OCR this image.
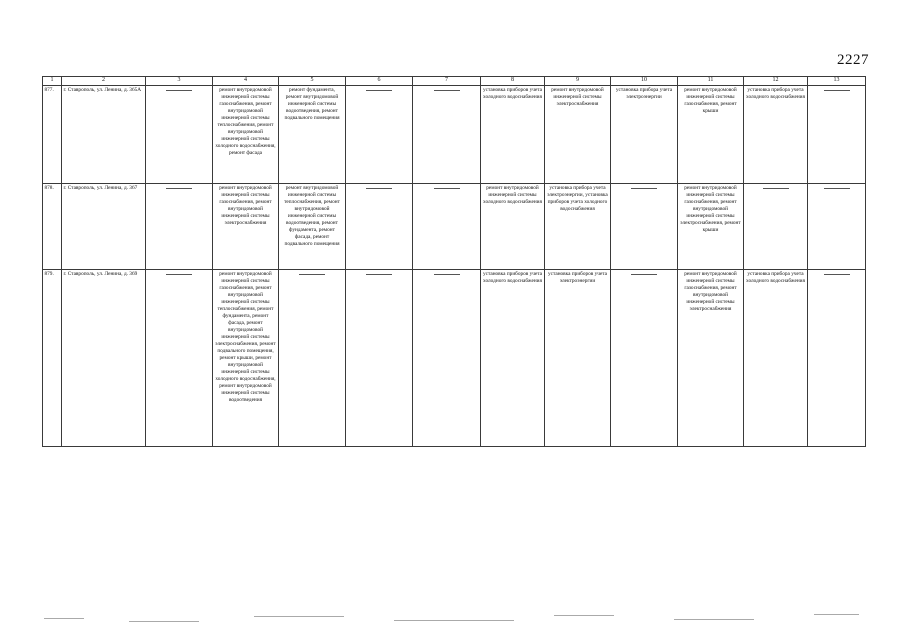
2227
1	2	3	4	5	6	7	8	9	10	11	12	13
877.	г. Ставрополь, ул. Ленина, д. 365А		ремонт внутридомовой инженерной системы газоснабжения, ремонт внутридомовой инженерной системы теплоснабжения, ремонт внутридомовой инженерной системы холодного водоснабжения, ремонт фасада	ремонт фундамента, ремонт внутридомовой инженерной системы водоотведения, ремонт подвального помещения			установка приборов учета холодного водоснабжения	ремонт внутридомовой инженерной системы электроснабжения	установка прибора учета электроэнергии	ремонт внутридомовой инженерной системы газоснабжения, ремонт крыши	установка прибора учета холодного водоснабжения	

878.	г. Ставрополь, ул. Ленина, д. 367		ремонт внутридомовой инженерной системы газоснабжения, ремонт внутридомовой инженерной системы электроснабжения	ремонт внутридомовой инженерной системы теплоснабжения, ремонт внутридомовой инженерной системы водоотведения, ремонт фундамента, ремонт фасада, ремонт подвального помещения			ремонт внутридомовой инженерной системы холодного водоснабжения	установка прибора учета электроэнергии, установка приборов учета холодного водоснабжения		ремонт внутридомовой инженерной системы газоснабжения, ремонт внутридомовой инженерной системы электроснабжения, ремонт крыши	

879.	г. Ставрополь, ул. Ленина, д. 369		ремонт внутридомовой инженерной системы газоснабжения, ремонт внутридомовой инженерной системы теплоснабжения, ремонт фундамента, ремонт фасада, ремонт внутридомовой инженерной системы электроснабжения, ремонт подвального помещения, ремонт крыши, ремонт внутридомовой инженерной системы холодного водоснабжения, ремонт внутридомовой инженерной системы водоотведения				установка приборов учета холодного водоснабжения	установка приборов учета электроэнергии		ремонт внутридомовой инженерной системы газоснабжения, ремонт внутридомовой инженерной системы электроснабжения	установка прибора учета холодного водоснабжения	
